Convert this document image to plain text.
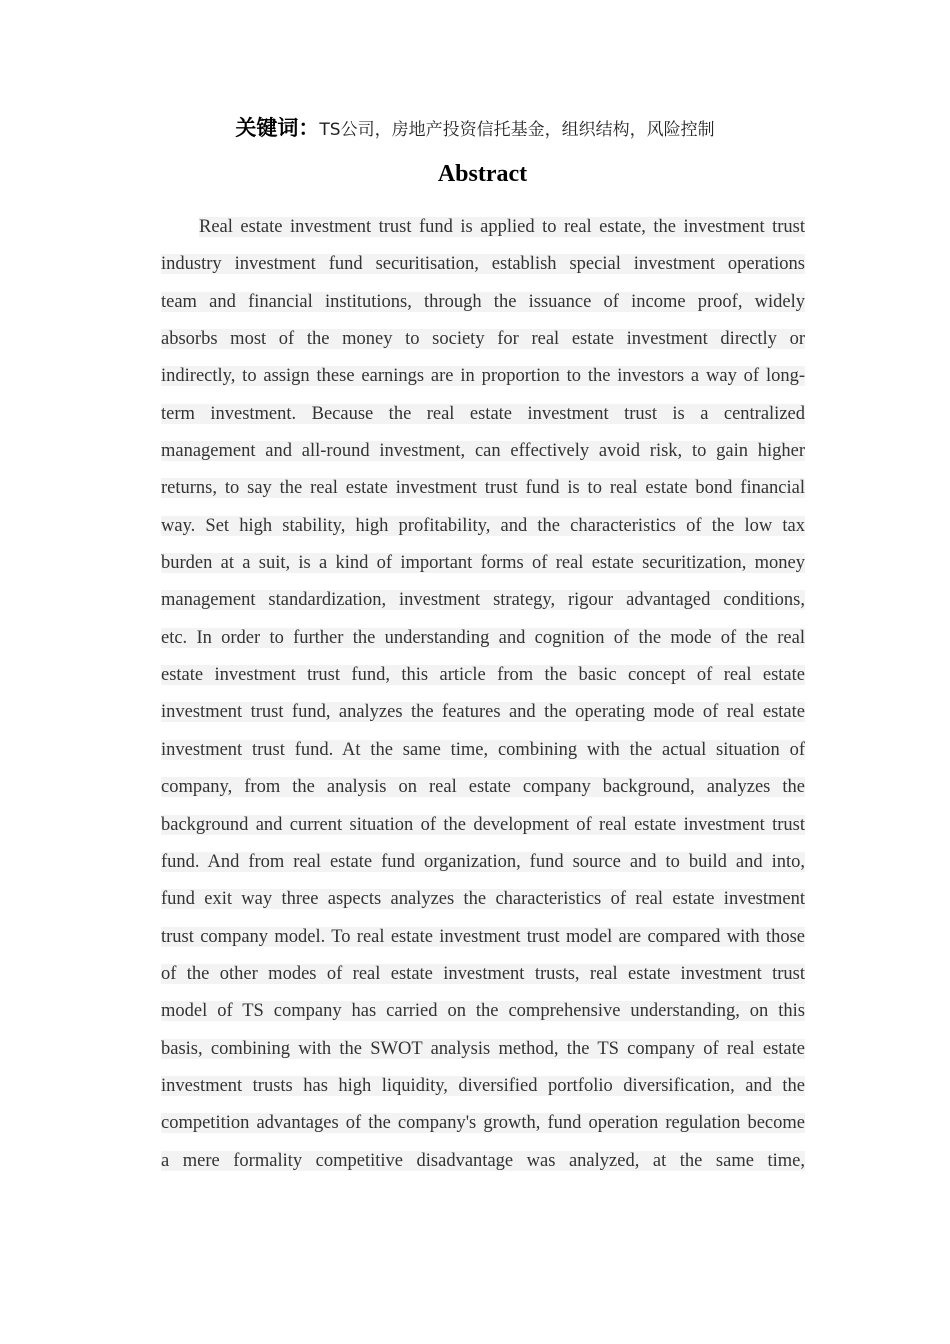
关键词：TS公司，房地产投资信托基金，组织结构，风险控制
Abstract
Real estate investment trust fund is applied to real estate, the investment trust
industry investment fund securitisation, establish special investment operations
team and financial institutions, through the issuance of income proof, widely
absorbs most of the money to society for real estate investment directly or
indirectly, to assign these earnings are in proportion to the investors a way of long-
term investment. Because the real estate investment trust is a centralized
management and all-round investment, can effectively avoid risk, to gain higher
returns, to say the real estate investment trust fund is to real estate bond financial
way. Set high stability, high profitability, and the characteristics of the low tax
burden at a suit, is a kind of important forms of real estate securitization, money
management standardization, investment strategy, rigour advantaged conditions,
etc. In order to further the understanding and cognition of the mode of the real
estate investment trust fund, this article from the basic concept of real estate
investment trust fund, analyzes the features and the operating mode of real estate
investment trust fund. At the same time, combining with the actual situation of
company, from the analysis on real estate company background, analyzes the
background and current situation of the development of real estate investment trust
fund. And from real estate fund organization, fund source and to build and into,
fund exit way three aspects analyzes the characteristics of real estate investment
trust company model. To real estate investment trust model are compared with those
of the other modes of real estate investment trusts, real estate investment trust
model of TS company has carried on the comprehensive understanding, on this
basis, combining with the SWOT analysis method, the TS company of real estate
investment trusts has high liquidity, diversified portfolio diversification, and the
competition advantages of the company's growth, fund operation regulation become
a mere formality competitive disadvantage was analyzed, at the same time,
